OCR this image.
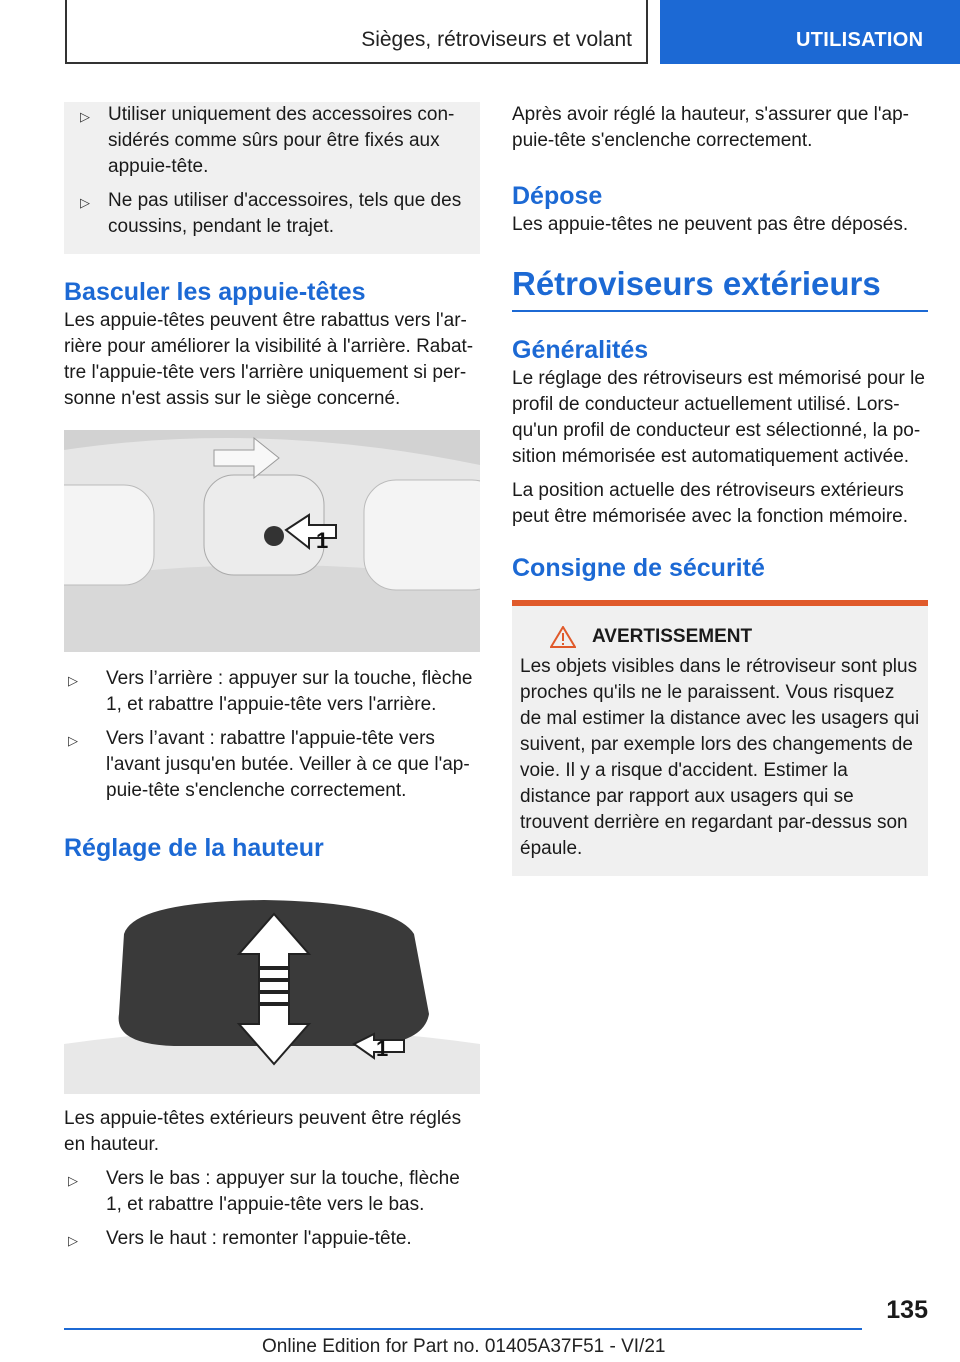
Sièges, rétroviseurs et volant	UTILISATION
▷ Utiliser uniquement des accessoires con-sidérés comme sûrs pour être fixés aux appuie-tête.
▷ Ne pas utiliser d'accessoires, tels que des coussins, pendant le trajet.
Basculer les appuie-têtes

Les appuie-têtes peuvent être rabattus vers l'ar-rière pour améliorer la visibilité à l'arrière. Rabat-tre l'appuie-tête vers l'arrière uniquement si per-sonne n'est assis sur le siège concerné.

1
▷ Vers l’arrière : appuyer sur la touche, flèche 1, et rabattre l'appuie-tête vers l'arrière.
▷ Vers l’avant : rabattre l'appuie-tête vers l'avant jusqu'en butée. Veiller à ce que l'ap-puie-tête s'enclenche correctement.
Réglage de la hauteur
1

Les appuie-têtes extérieurs peuvent être réglés en hauteur.

▷ Vers le bas : appuyer sur la touche, flèche 1, et rabattre l'appuie-tête vers le bas.
▷ Vers le haut : remonter l'appuie-tête.

Après avoir réglé la hauteur, s'assurer que l'ap-puie-tête s'enclenche correctement.

Dépose

Les appuie-têtes ne peuvent pas être déposés.

Rétroviseurs extérieurs
Généralités

Le réglage des rétroviseurs est mémorisé pour le profil de conducteur actuellement utilisé. Lors-qu'un profil de conducteur est sélectionné, la po-sition mémorisée est automatiquement activée.

La position actuelle des rétroviseurs extérieurs peut être mémorisée avec la fonction mémoire.

Consigne de sécurité
AVERTISSEMENT

Les objets visibles dans le rétroviseur sont plus proches qu'ils ne le paraissent. Vous risquez de mal estimer la distance avec les usagers qui suivent, par exemple lors des changements de voie. Il y a risque d'accident. Estimer la distance par rapport aux usagers qui se trouvent derrière en regardant par-dessus son épaule.

135
Online Edition for Part no. 01405A37F51 - VI/21
